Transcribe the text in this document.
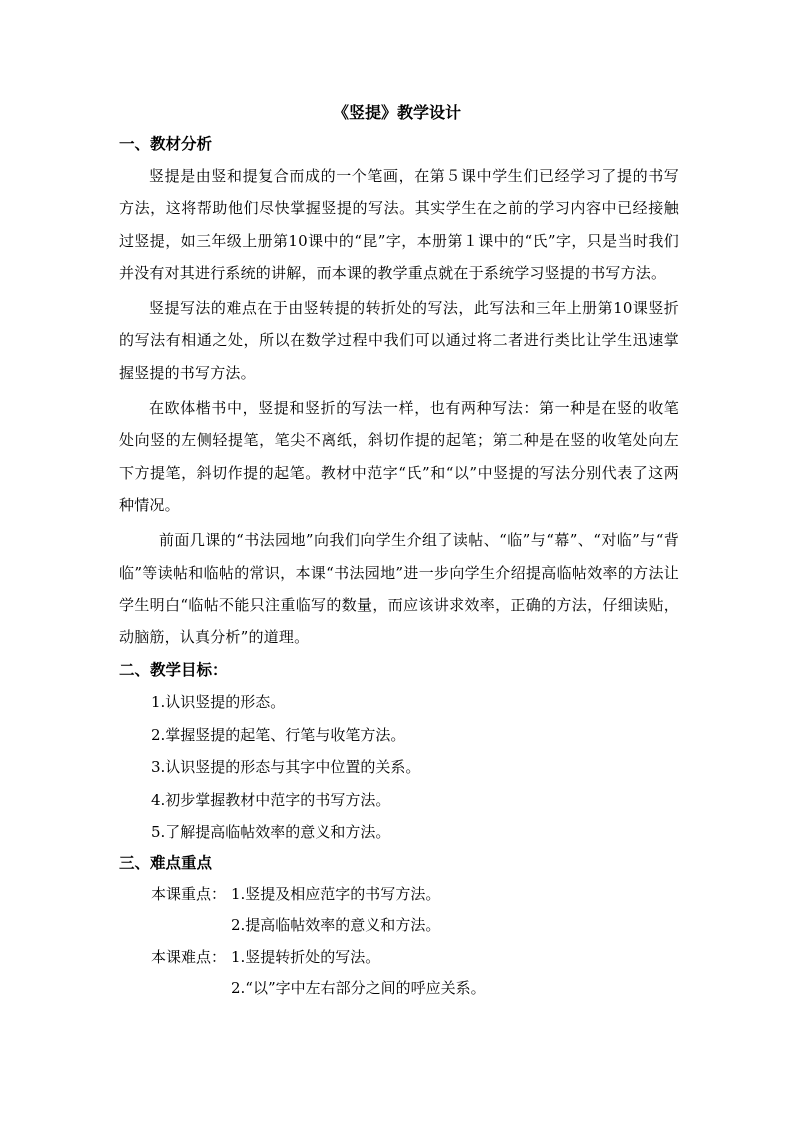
《竖提》教学设计
一、教材分析

竖提是由竖和提复合而成的一个笔画，在第５课中学生们已经学习了提的书写方法，这将帮助他们尽快掌握竖提的写法。其实学生在之前的学习内容中已经接触过竖提，如三年级上册第10课中的“昆”字，本册第１课中的“氏”字，只是当时我们并没有对其进行系统的讲解，而本课的教学重点就在于系统学习竖提的书写方法。

竖提写法的难点在于由竖转提的转折处的写法，此写法和三年上册第10课竖折的写法有相通之处，所以在数学过程中我们可以通过将二者进行类比让学生迅速掌握竖提的书写方法。

在欧体楷书中，竖提和竖折的写法一样，也有两种写法：第一种是在竖的收笔处向竖的左侧轻提笔，笔尖不离纸，斜切作提的起笔；第二种是在竖的收笔处向左下方提笔，斜切作提的起笔。教材中范字“氏”和“以”中竖提的写法分别代表了这两种情况。

前面几课的“书法园地”向我们向学生介组了读帖、“临”与“幕”、“对临”与“背临”等读帖和临帖的常识，本课“书法园地”进一步向学生介绍提高临帖效率的方法让学生明白“临帖不能只注重临写的数量，而应该讲求效率，正确的方法，仔细读贴，动脑筋，认真分析”的道理。

二、教学目标：
1.认识竖提的形态。
2.掌握竖提的起笔、行笔与收笔方法。
3.认识竖提的形态与其字中位置的关系。
4.初步掌握教材中范字的书写方法。
5.了解提高临帖效率的意义和方法。
三、难点重点
本课重点： 1.竖提及相应范字的书写方法。
2.提高临帖效率的意义和方法。
本课难点： 1.竖提转折处的写法。
2.“以”字中左右部分之间的呼应关系。
